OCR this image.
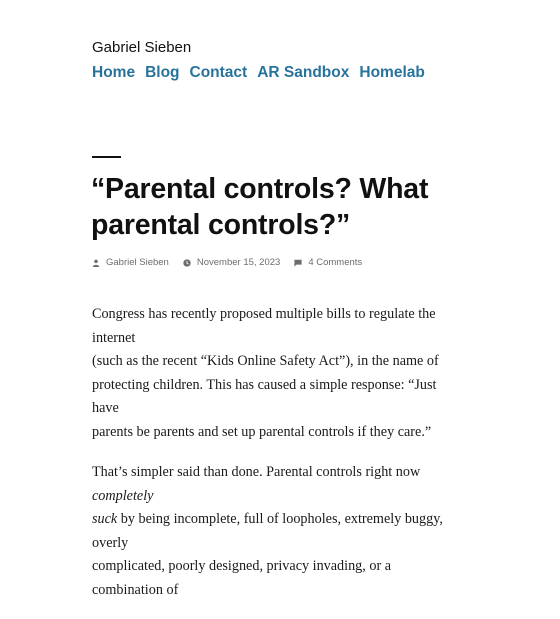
Gabriel Sieben

Home Blog Contact AR Sandbox Homelab
“Parental controls? What
parental controls?”
Gabriel Sieben	November 15, 2023	4 Comments

Congress has recently proposed multiple bills to regulate the internet
(such as the recent “Kids Online Safety Act”), in the name of
protecting children. This has caused a simple response: “Just have
parents be parents and set up parental controls if they care.”

That’s simpler said than done. Parental controls right now completely
suck by being incomplete, full of loopholes, extremely buggy, overly
complicated, poorly designed, privacy invading, or a combination of
